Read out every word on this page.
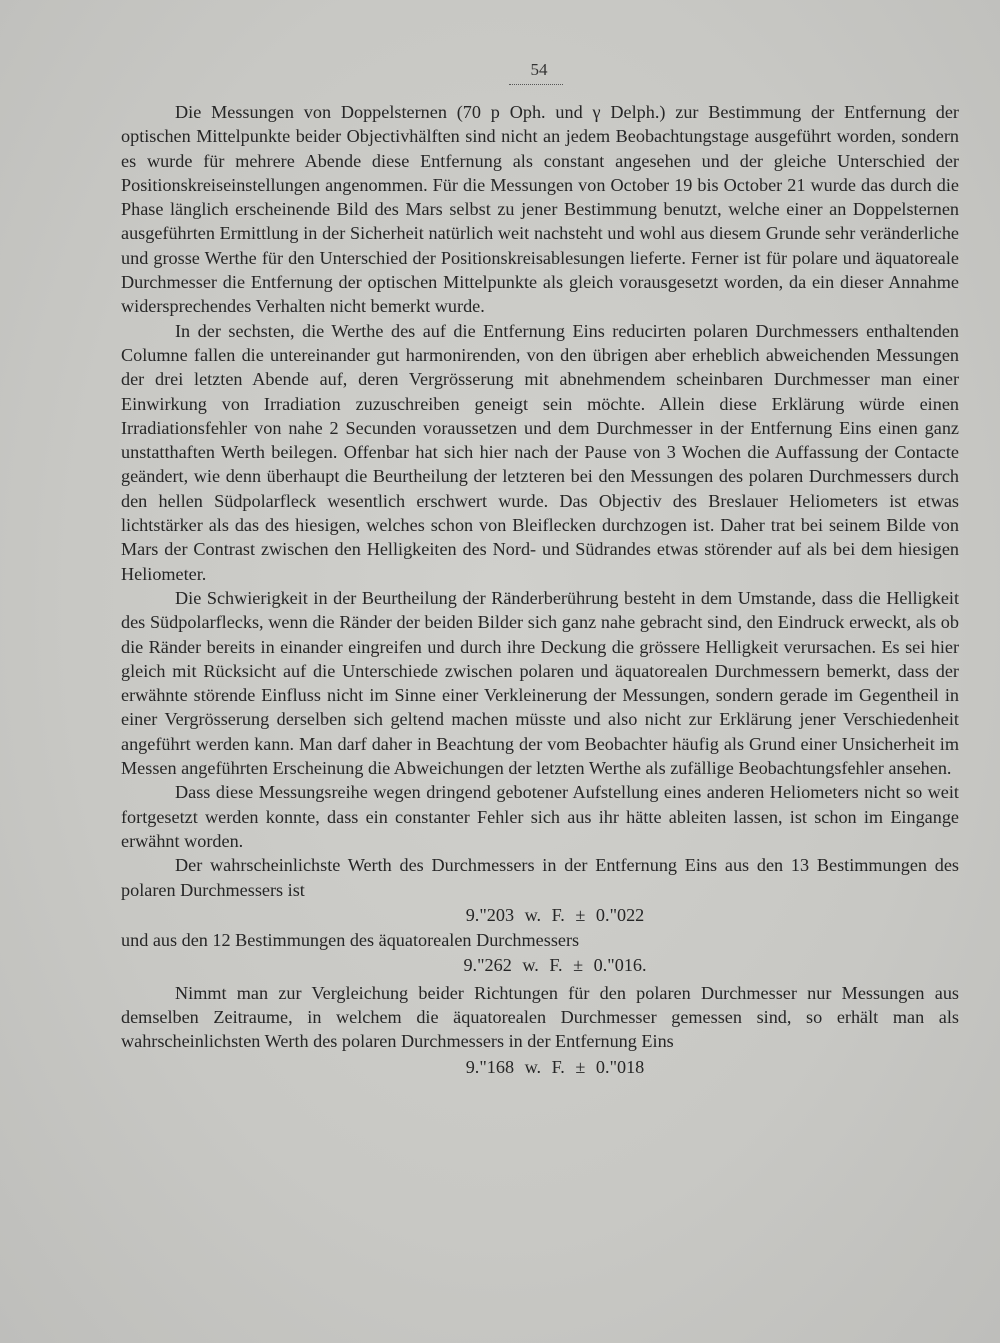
54

Die Messungen von Doppelsternen (70 p Oph. und γ Delph.) zur Bestimmung der Entfernung der optischen Mittelpunkte beider Objectivhälften sind nicht an jedem Beobachtungstage ausgeführt worden, sondern es wurde für mehrere Abende diese Entfernung als constant angesehen und der gleiche Unterschied der Positionskreiseinstellungen angenommen. Für die Messungen von October 19 bis October 21 wurde das durch die Phase länglich erscheinende Bild des Mars selbst zu jener Bestimmung benutzt, welche einer an Doppelsternen ausgeführten Ermittlung in der Sicherheit natürlich weit nachsteht und wohl aus diesem Grunde sehr veränderliche und grosse Werthe für den Unterschied der Positionskreisablesungen lieferte. Ferner ist für polare und äquatoreale Durchmesser die Entfernung der optischen Mittelpunkte als gleich vorausgesetzt worden, da ein dieser Annahme widersprechendes Verhalten nicht bemerkt wurde.

In der sechsten, die Werthe des auf die Entfernung Eins reducirten polaren Durchmessers enthaltenden Columne fallen die untereinander gut harmonirenden, von den übrigen aber erheblich abweichenden Messungen der drei letzten Abende auf, deren Vergrösserung mit abnehmendem scheinbaren Durchmesser man einer Einwirkung von Irradiation zuzuschreiben geneigt sein möchte. Allein diese Erklärung würde einen Irradiationsfehler von nahe 2 Secunden voraussetzen und dem Durchmesser in der Entfernung Eins einen ganz unstatthaften Werth beilegen. Offenbar hat sich hier nach der Pause von 3 Wochen die Auffassung der Contacte geändert, wie denn überhaupt die Beurtheilung der letzteren bei den Messungen des polaren Durchmessers durch den hellen Südpolarfleck wesentlich erschwert wurde. Das Objectiv des Breslauer Heliometers ist etwas lichtstärker als das des hiesigen, welches schon von Bleiflecken durchzogen ist. Daher trat bei seinem Bilde von Mars der Contrast zwischen den Helligkeiten des Nord- und Südrandes etwas störender auf als bei dem hiesigen Heliometer.

Die Schwierigkeit in der Beurtheilung der Ränderberührung besteht in dem Umstande, dass die Helligkeit des Südpolarflecks, wenn die Ränder der beiden Bilder sich ganz nahe gebracht sind, den Eindruck erweckt, als ob die Ränder bereits in einander eingreifen und durch ihre Deckung die grössere Helligkeit verursachen. Es sei hier gleich mit Rücksicht auf die Unterschiede zwischen polaren und äquatorealen Durchmessern bemerkt, dass der erwähnte störende Einfluss nicht im Sinne einer Verkleinerung der Messungen, sondern gerade im Gegentheil in einer Vergrösserung derselben sich geltend machen müsste und also nicht zur Erklärung jener Verschiedenheit angeführt werden kann. Man darf daher in Beachtung der vom Beobachter häufig als Grund einer Unsicherheit im Messen angeführten Erscheinung die Abweichungen der letzten Werthe als zufällige Beobachtungsfehler ansehen.

Dass diese Messungsreihe wegen dringend gebotener Aufstellung eines anderen Heliometers nicht so weit fortgesetzt werden konnte, dass ein constanter Fehler sich aus ihr hätte ableiten lassen, ist schon im Eingange erwähnt worden.

Der wahrscheinlichste Werth des Durchmessers in der Entfernung Eins aus den 13 Bestimmungen des polaren Durchmessers ist

9."203 w. F. ± 0."022

und aus den 12 Bestimmungen des äquatorealen Durchmessers

9."262 w. F. ± 0."016.

Nimmt man zur Vergleichung beider Richtungen für den polaren Durchmesser nur Messungen aus demselben Zeitraume, in welchem die äquatorealen Durchmesser gemessen sind, so erhält man als wahrscheinlichsten Werth des polaren Durchmessers in der Entfernung Eins

9."168 w. F. ± 0."018
